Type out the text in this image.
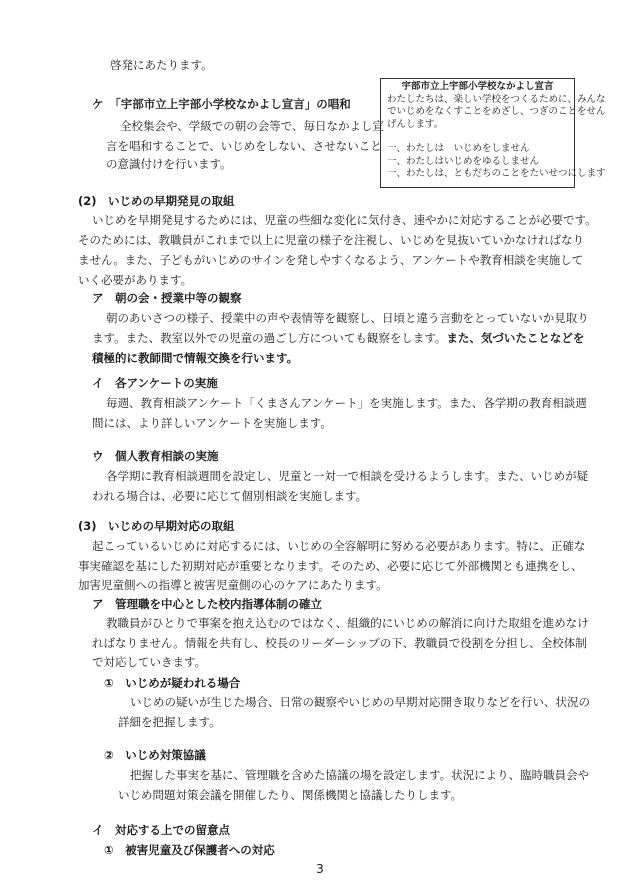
啓発にあたります。
ケ　「宇部市立上宇部小学校なかよし宣言」の唱和
全校集会や、学級での朝の会等で、毎日なかよし宣
言を唱和することで、いじめをしない、させないこと
の意識付けを行います。
宇部市立上宇部小学校なかよし宣言
わたしたちは、楽しい学校をつくるために、みんな
でいじめをなくすことをめざし、つぎのことをせん
げんします。
一、わたしは　いじめをしません
一、わたしはいじめをゆるしません
一、わたしは、ともだちのことをたいせつにします
(2)　いじめの早期発見の取組
いじめを早期発見するためには、児童の些細な変化に気付き、速やかに対応することが必要です。
そのためには、教職員がこれまで以上に児童の様子を注視し、いじめを見抜いていかなければなり
ません。また、子どもがいじめのサインを発しやすくなるよう、アンケートや教育相談を実施して
いく必要があります。
ア　朝の会・授業中等の観察
朝のあいさつの様子、授業中の声や表情等を観察し、日頃と違う言動をとっていないか見取り
ます。また、教室以外での児童の過ごし方についても観察をします。また、気づいたことなどを
積極的に教師間で情報交換を行います。
イ　各アンケートの実施
毎週、教育相談アンケート「くまさんアンケート」を実施します。また、各学期の教育相談週
間には、より詳しいアンケートを実施します。
ウ　個人教育相談の実施
各学期に教育相談週間を設定し、児童と一対一で相談を受けるようします。また、いじめが疑
われる場合は、必要に応じて個別相談を実施します。
(3)　いじめの早期対応の取組
起こっているいじめに対応するには、いじめの全容解明に努める必要があります。特に、正確な
事実確認を基にした初期対応が重要となります。そのため、必要に応じて外部機関とも連携をし、
加害児童側への指導と被害児童側の心のケアにあたります。
ア　管理職を中心とした校内指導体制の確立
教職員がひとりで事案を抱え込むのではなく、組織的にいじめの解消に向けた取組を進めなけ
ればなりません。情報を共有し、校長のリーダーシップの下、教職員で役割を分担し、全校体制
で対応していきます。
①　いじめが疑われる場合
いじめの疑いが生じた場合、日常の観察やいじめの早期対応開き取りなどを行い、状況の
詳細を把握します。
②　いじめ対策協議
把握した事実を基に、管理職を含めた協議の場を設定します。状況により、臨時職員会や
いじめ問題対策会議を開催したり、関係機関と協議したりします。
イ　対応する上での留意点
①　被害児童及び保護者への対応
3
